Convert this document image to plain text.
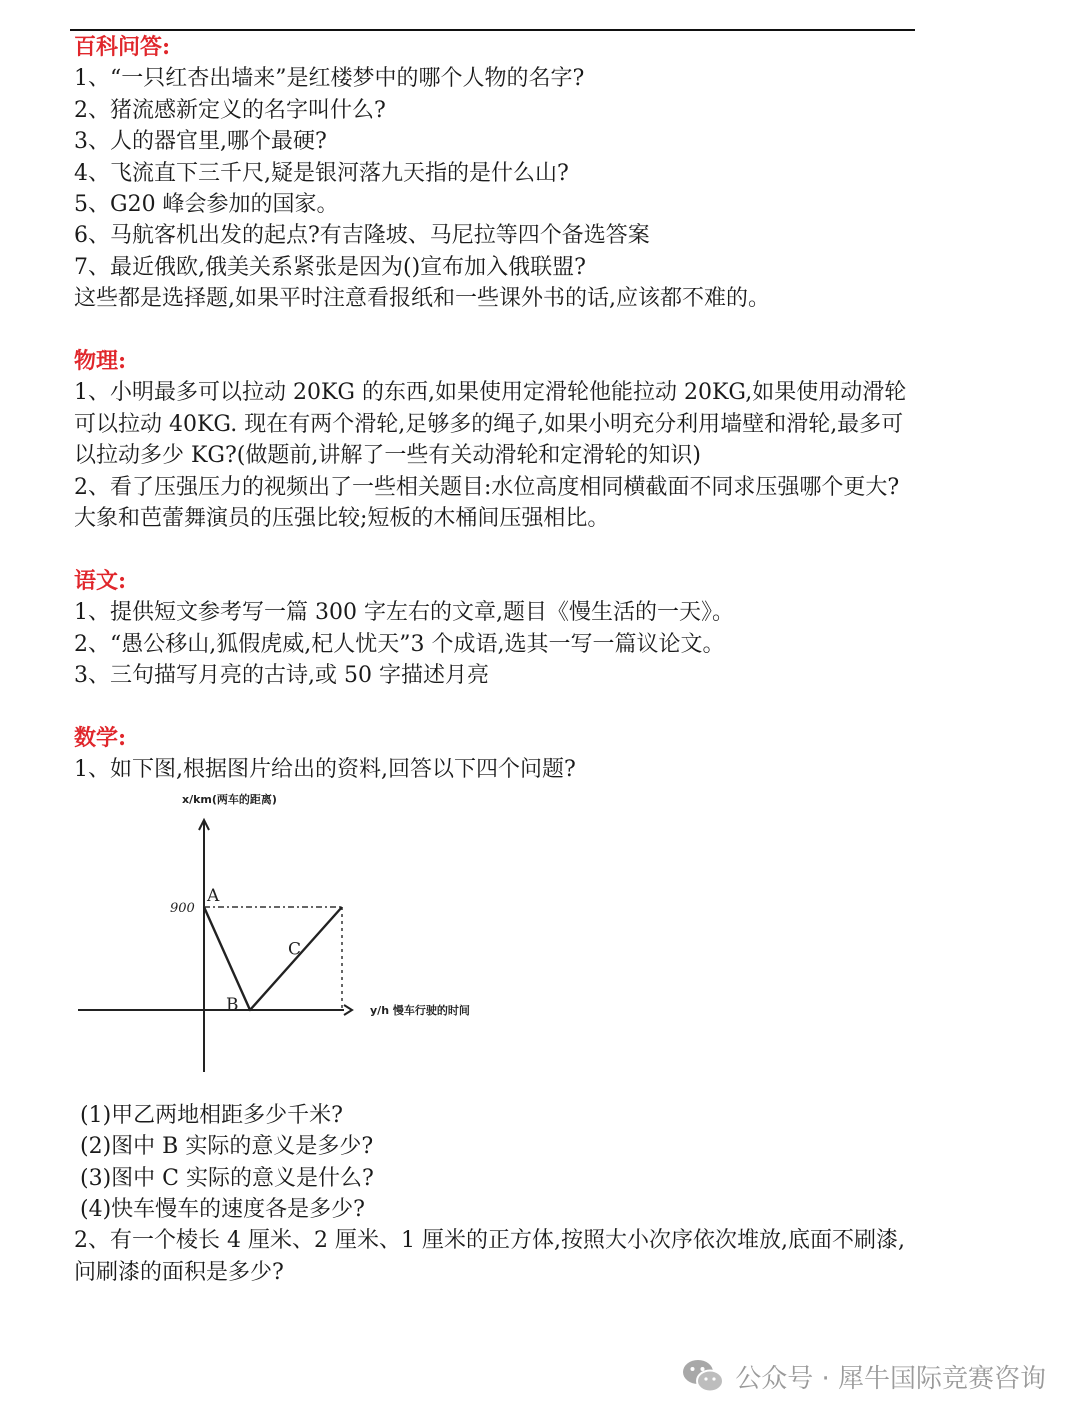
百科问答:
1、“一只红杏出墙来”是红楼梦中的哪个人物的名字?
2、猪流感新定义的名字叫什么?
3、人的器官里,哪个最硬?
4、飞流直下三千尺,疑是银河落九天指的是什么山?
5、G20 峰会参加的国家。
6、马航客机出发的起点?有吉隆坡、马尼拉等四个备选答案
7、最近俄欧,俄美关系紧张是因为()宣布加入俄联盟?
这些都是选择题,如果平时注意看报纸和一些课外书的话,应该都不难的。
物理:
1、小明最多可以拉动 20KG 的东西,如果使用定滑轮他能拉动 20KG,如果使用动滑轮可以拉动 40KG. 现在有两个滑轮,足够多的绳子,如果小明充分利用墙壁和滑轮,最多可以拉动多少 KG?(做题前,讲解了一些有关动滑轮和定滑轮的知识)
2、看了压强压力的视频出了一些相关题目:水位高度相同横截面不同求压强哪个更大?大象和芭蕾舞演员的压强比较;短板的木桶间压强相比。
语文:
1、提供短文参考写一篇 300 字左右的文章,题目《慢生活的一天》。
2、“愚公移山,狐假虎威,杞人忧天”3 个成语,选其一写一篇议论文。
3、三句描写月亮的古诗,或 50 字描述月亮
数学:
1、如下图,根据图片给出的资料,回答以下四个问题?
x/km(两车的距离)
y/h 慢车行驶的时间
900
A
B
C
(1)甲乙两地相距多少千米?
(2)图中 B 实际的意义是多少?
(3)图中 C 实际的意义是什么?
(4)快车慢车的速度各是多少?
2、有一个棱长 4 厘米、2 厘米、1 厘米的正方体,按照大小次序依次堆放,底面不刷漆,问刷漆的面积是多少?
公众号 · 犀牛国际竞赛咨询
